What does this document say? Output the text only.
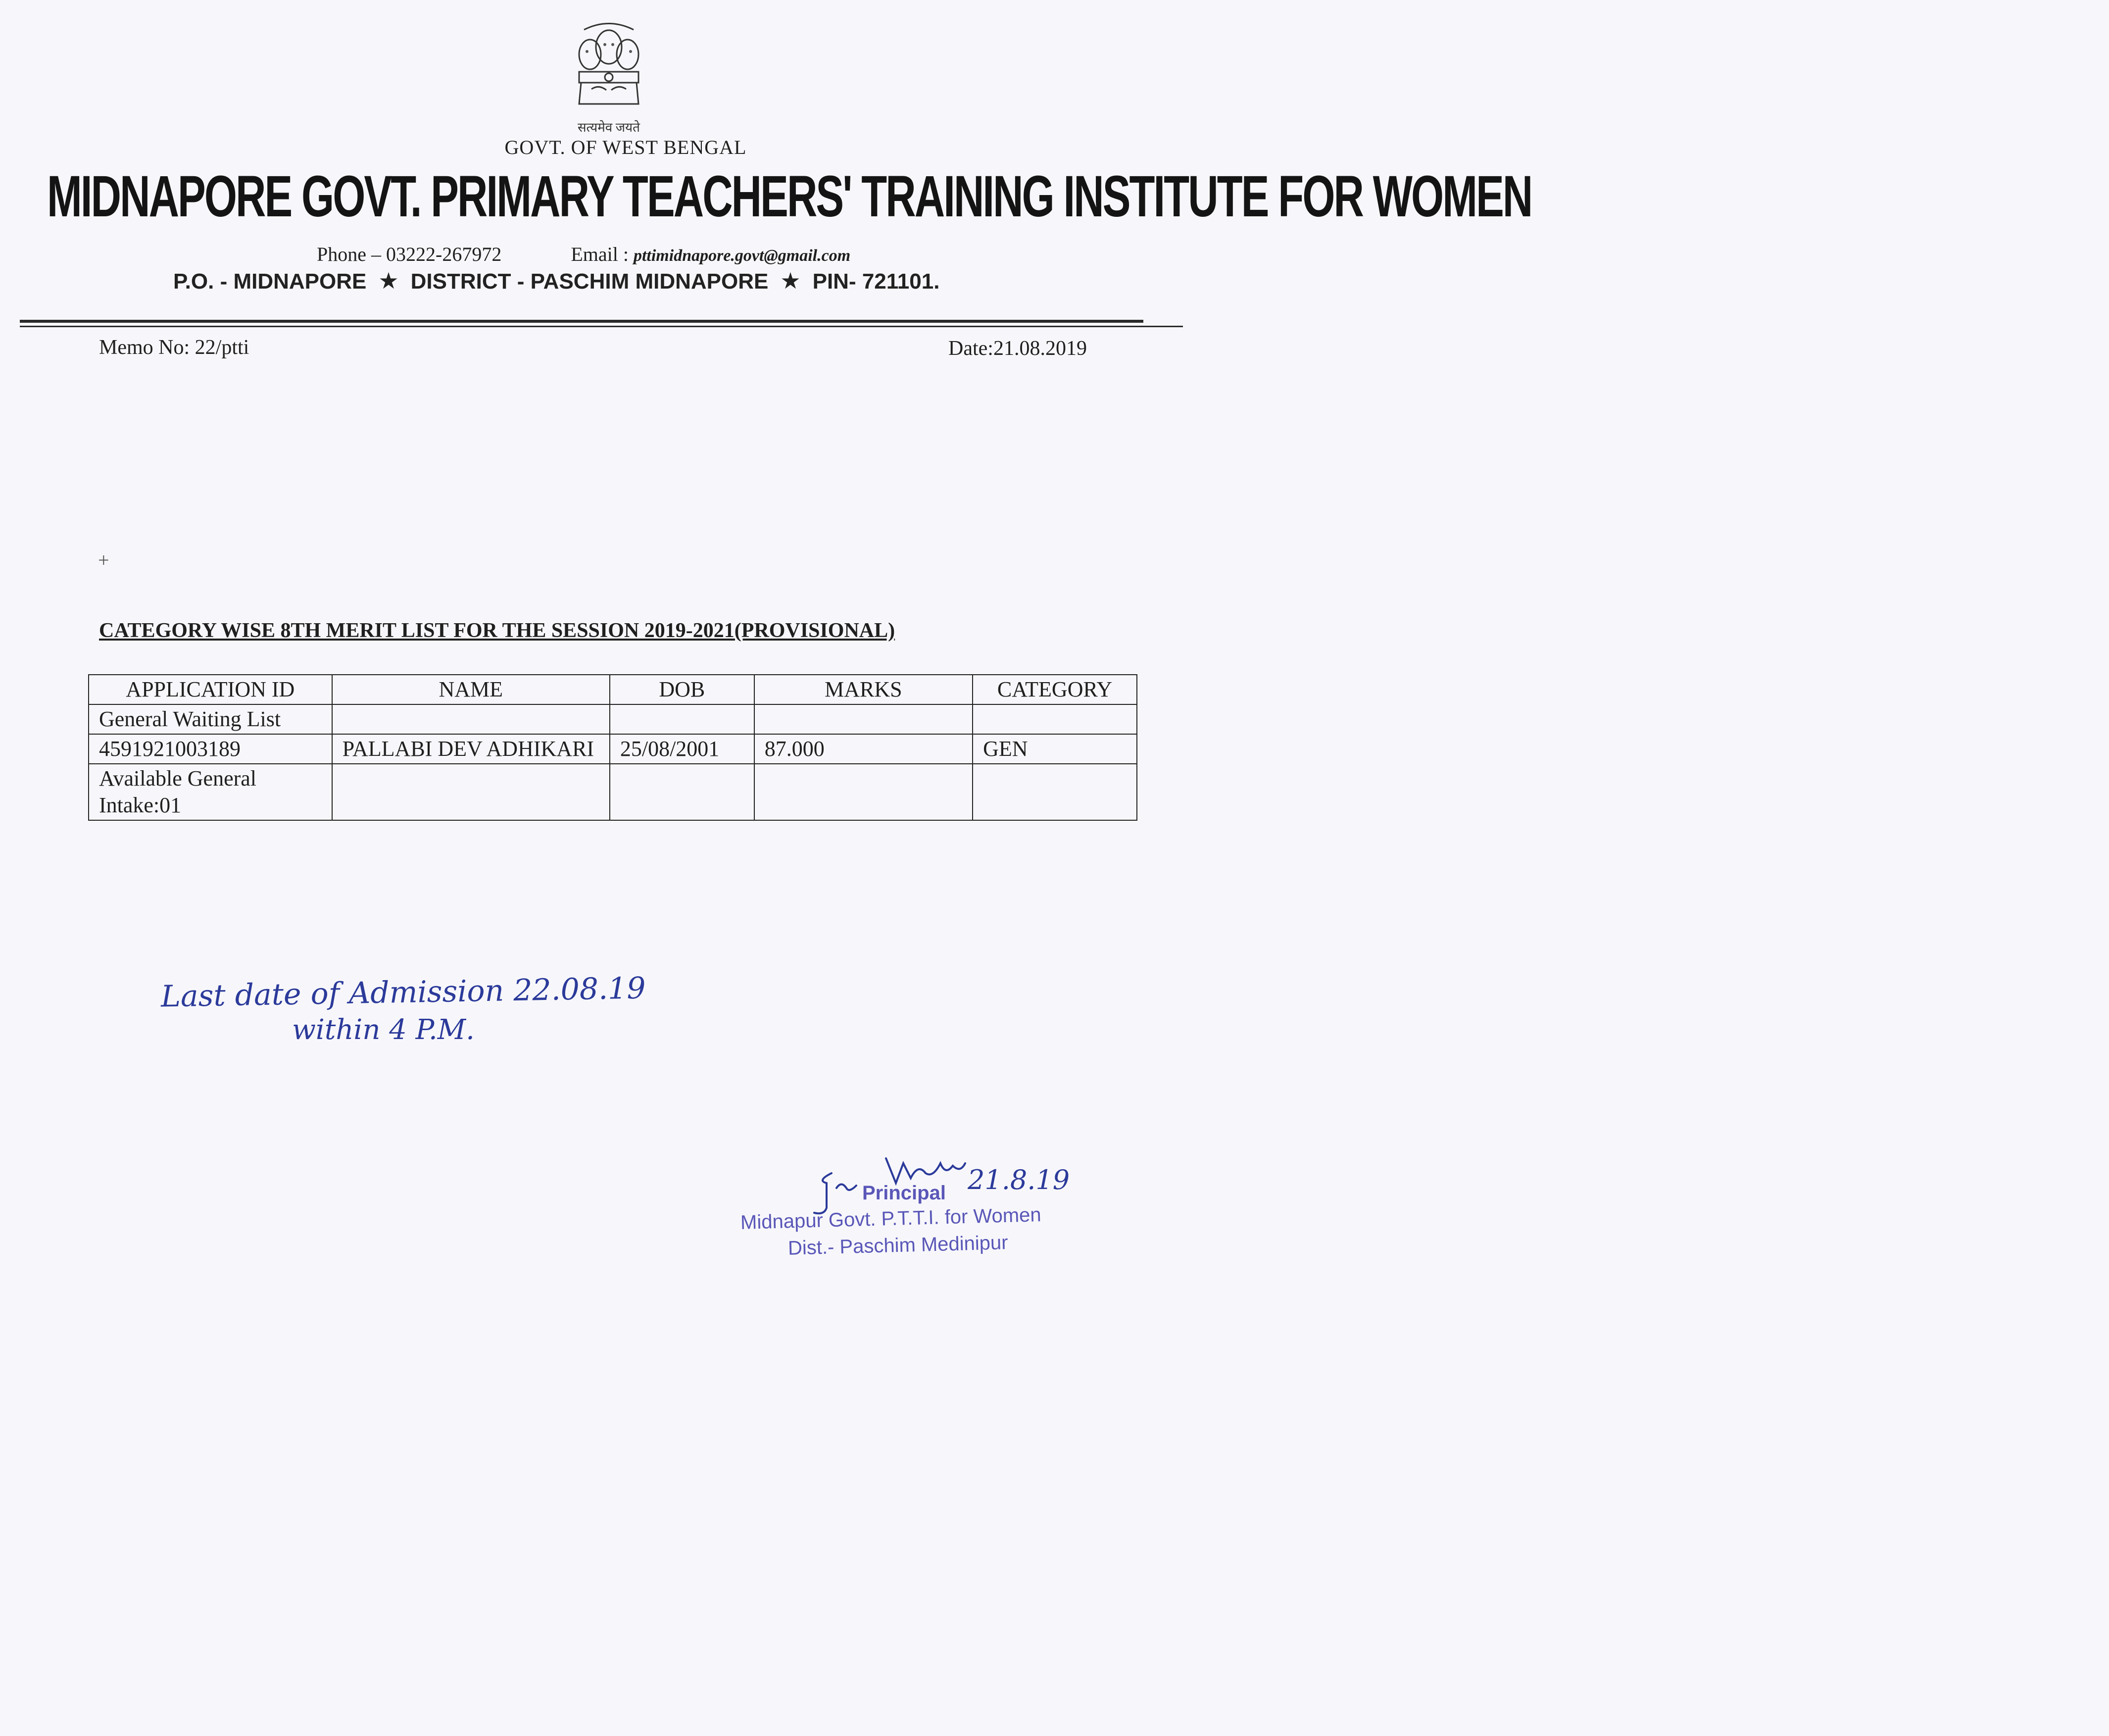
सत्यमेव जयते
GOVT. OF WEST BENGAL
MIDNAPORE GOVT. PRIMARY TEACHERS' TRAINING INSTITUTE FOR WOMEN
Phone – 03222-267972	Email : pttimidnapore.govt@gmail.com
P.O. - MIDNAPORE ★ DISTRICT - PASCHIM MIDNAPORE ★ PIN- 721101.
Memo No: 22/ptti	Date:21.08.2019
+
CATEGORY WISE 8TH MERIT LIST FOR THE SESSION 2019-2021(PROVISIONAL)
APPLICATION ID	NAME	DOB	MARKS	CATEGORY
General Waiting List				
4591921003189	PALLABI DEV ADHIKARI	25/08/2001	87.000	GEN
Available General Intake:01				
Last date of Admission 22.08.19
within 4 P.M.
21.8.19
Principal
Midnapur Govt. P.T.T.I. for Women
Dist.- Paschim Medinipur
